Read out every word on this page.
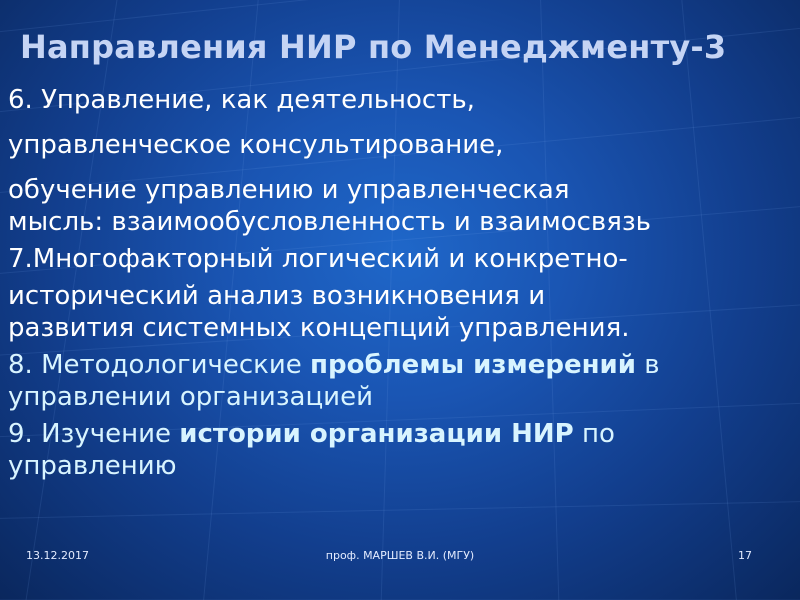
Направления НИР по Менеджменту-3
6. Управление, как деятельность,
управленческое консультирование,
обучение управлению и управленческая
мысль: взаимообусловленность и взаимосвязь
7.Многофакторный логический и конкретно-
исторический анализ возникновения и
развития системных концепций управления.
8. Методологические проблемы измерений в
управлении организацией
9. Изучение истории организации НИР по
управлению
13.12.2017	проф. МАРШЕВ В.И. (МГУ)	17
